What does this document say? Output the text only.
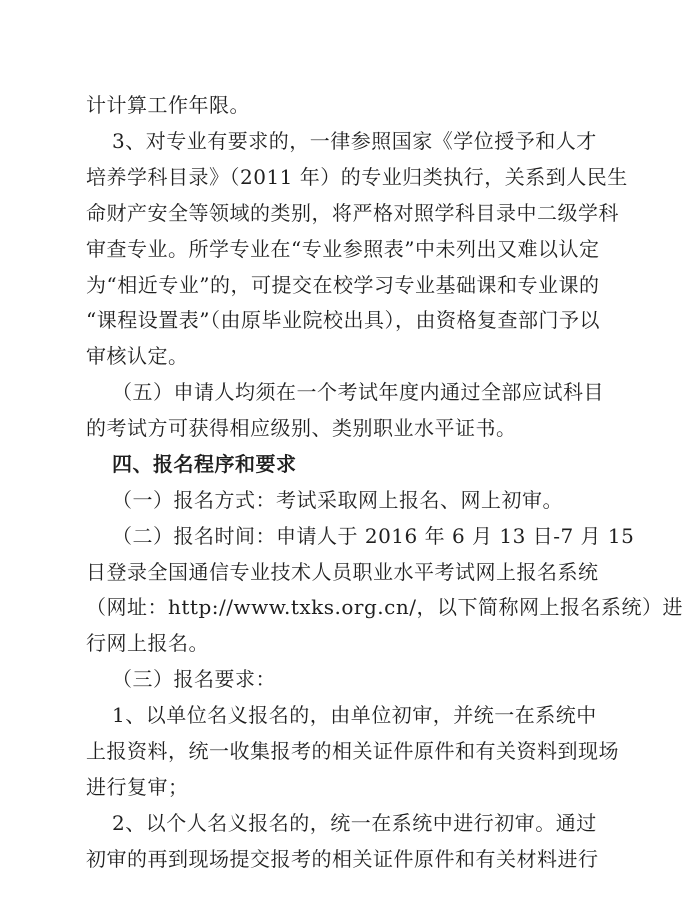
计计算工作年限。
3、对专业有要求的，一律参照国家《学位授予和人才
培养学科目录》（2011 年）的专业归类执行，关系到人民生
命财产安全等领域的类别，将严格对照学科目录中二级学科
审查专业。所学专业在“专业参照表”中未列出又难以认定
为“相近专业”的，可提交在校学习专业基础课和专业课的
“课程设置表”（由原毕业院校出具），由资格复查部门予以
审核认定。
（五）申请人均须在一个考试年度内通过全部应试科目
的考试方可获得相应级别、类别职业水平证书。
四、报名程序和要求
（一）报名方式：考试采取网上报名、网上初审。
（二）报名时间：申请人于 2016 年 6 月 13 日-7 月 15
日登录全国通信专业技术人员职业水平考试网上报名系统
（网址：http://www.txks.org.cn/，以下简称网上报名系统）进
行网上报名。
（三）报名要求：
1、以单位名义报名的，由单位初审，并统一在系统中
上报资料，统一收集报考的相关证件原件和有关资料到现场
进行复审；
2、以个人名义报名的，统一在系统中进行初审。通过
初审的再到现场提交报考的相关证件原件和有关材料进行
